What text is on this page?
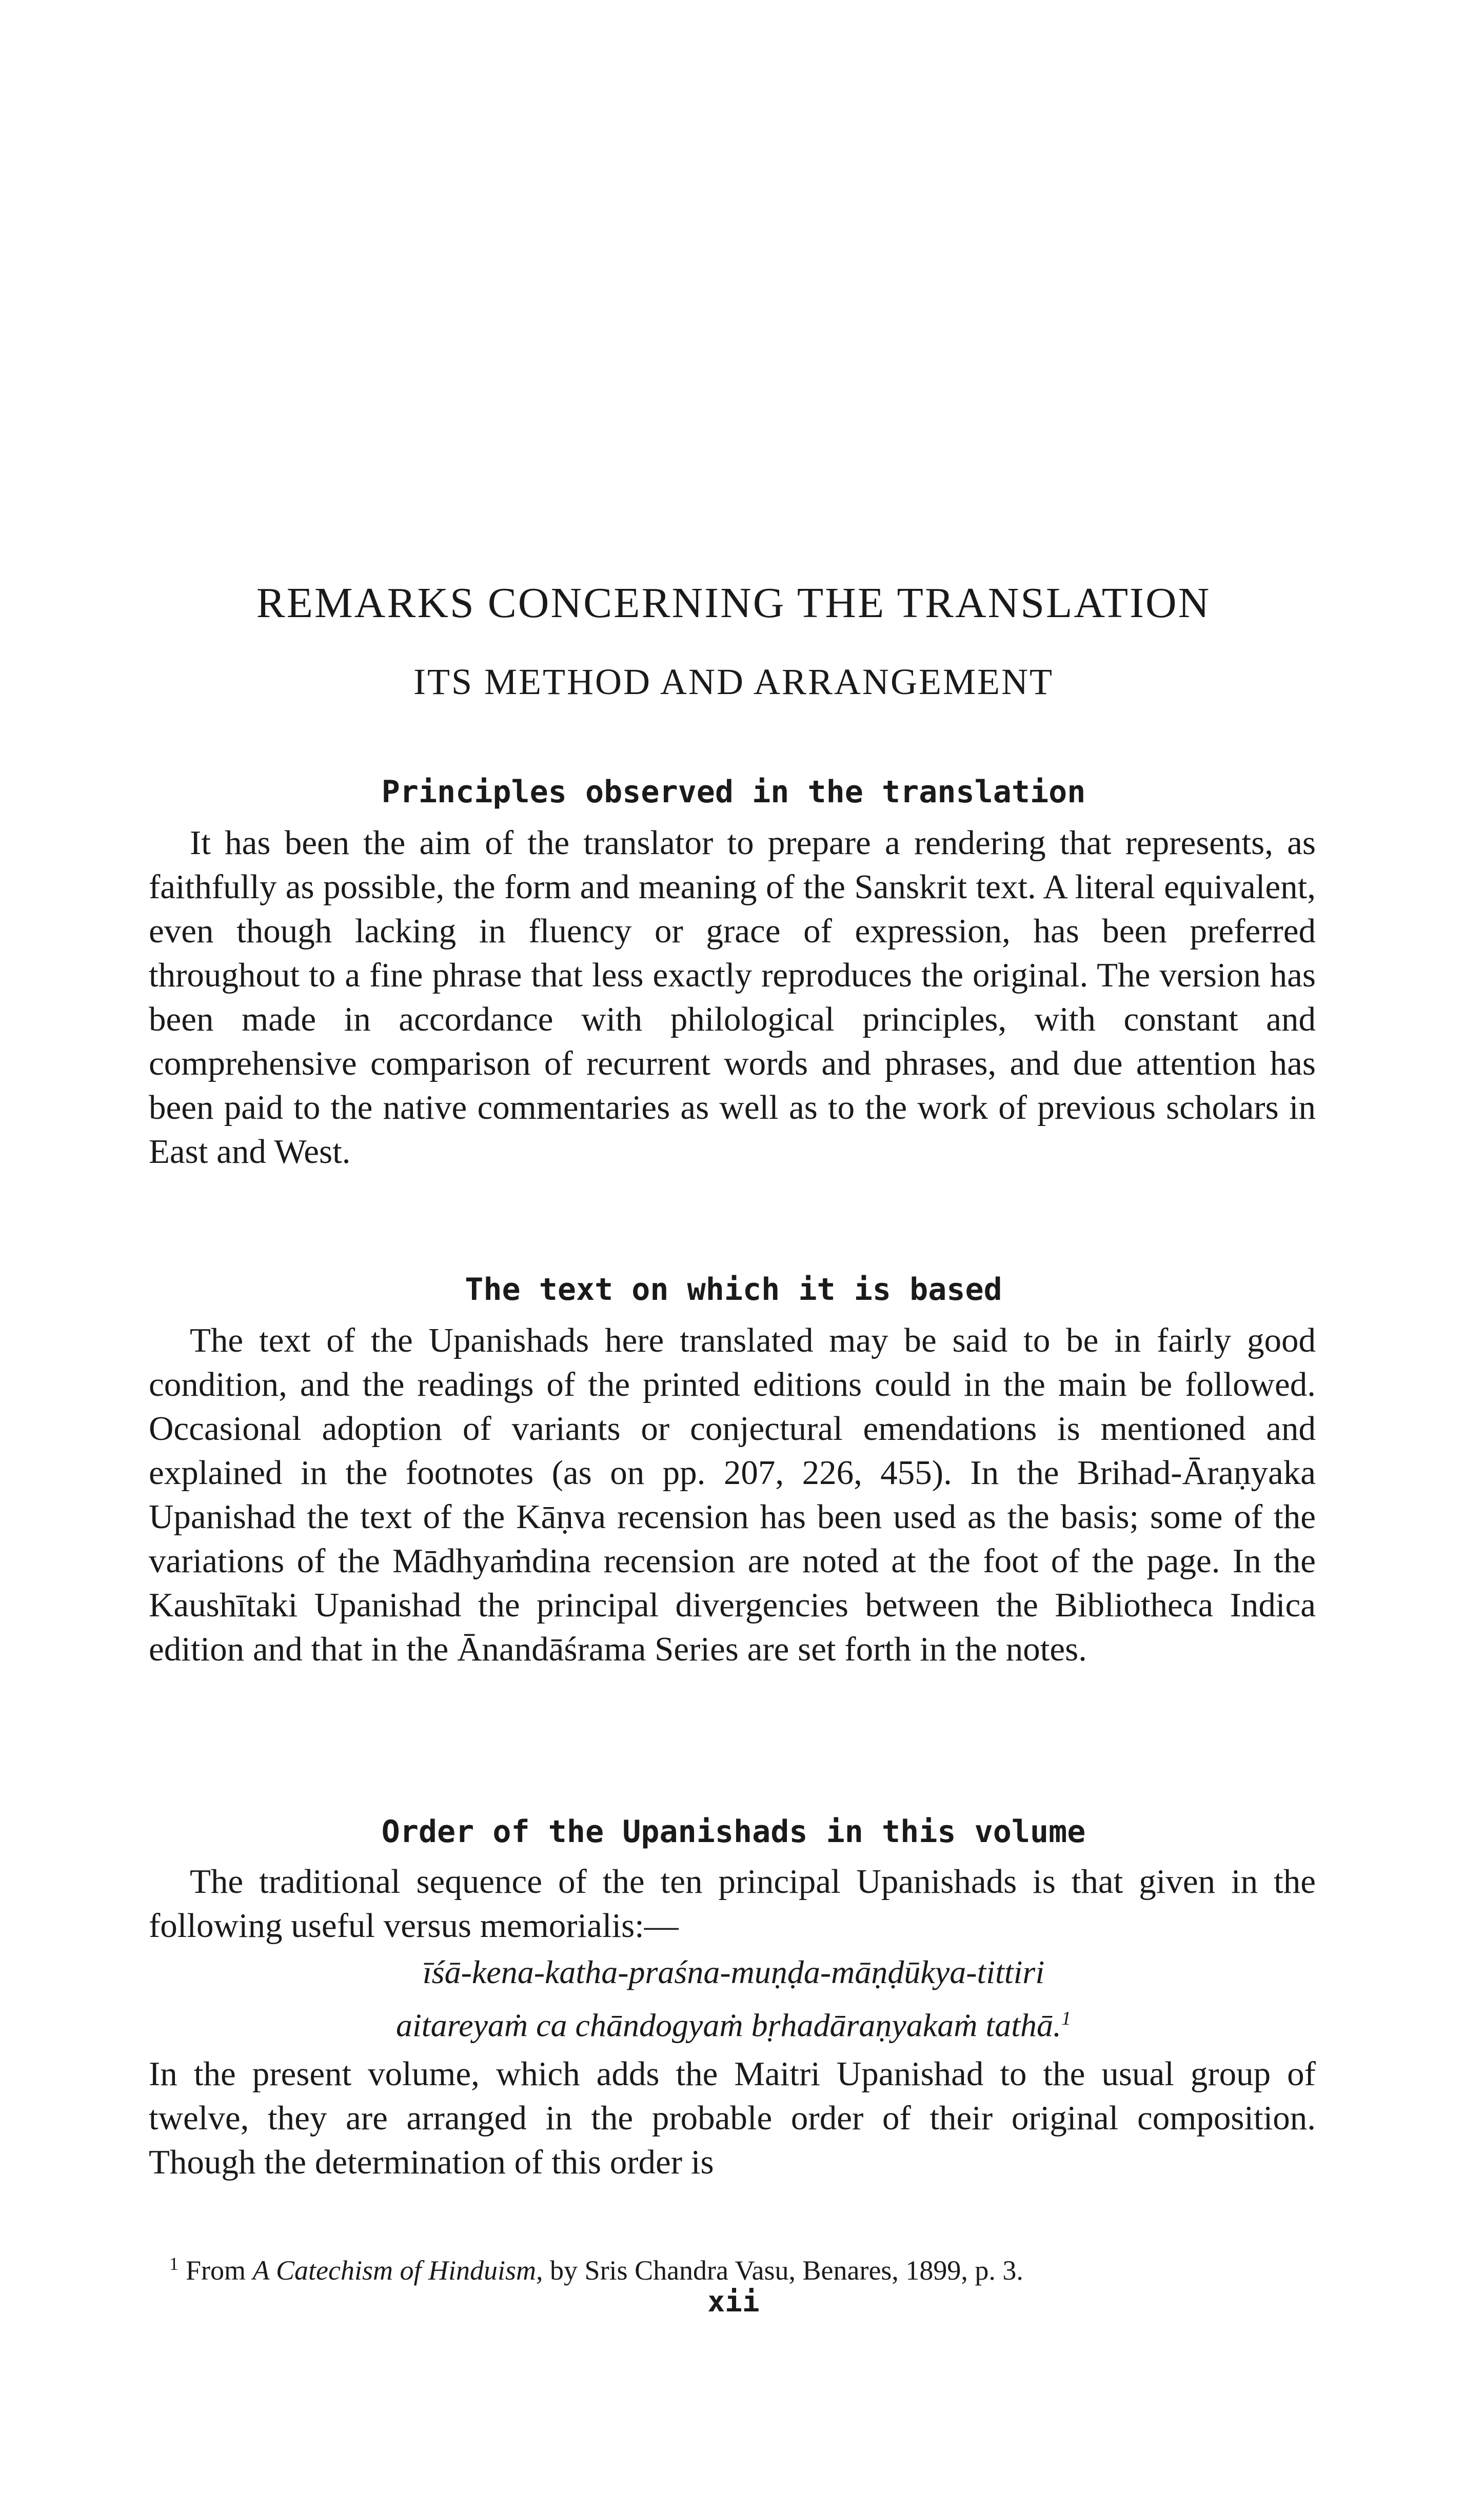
REMARKS CONCERNING THE TRANSLATION
ITS METHOD AND ARRANGEMENT
Principles observed in the translation

It has been the aim of the translator to prepare a rendering that represents, as faithfully as possible, the form and meaning of the Sanskrit text. A literal equivalent, even though lacking in fluency or grace of expression, has been preferred throughout to a fine phrase that less exactly reproduces the original. The version has been made in accordance with philological principles, with constant and comprehensive comparison of recurrent words and phrases, and due attention has been paid to the native commentaries as well as to the work of previous scholars in East and West.

The text on which it is based

The text of the Upanishads here translated may be said to be in fairly good condition, and the readings of the printed editions could in the main be followed. Occasional adoption of variants or conjectural emendations is mentioned and explained in the footnotes (as on pp. 207, 226, 455). In the Brihad-Āraṇyaka Upanishad the text of the Kāṇva recension has been used as the basis; some of the variations of the Mādhyaṁdina recension are noted at the foot of the page. In the Kaushītaki Upanishad the principal divergencies between the Bibliotheca Indica edition and that in the Ānandāśrama Series are set forth in the notes.

Order of the Upanishads in this volume

The traditional sequence of the ten principal Upanishads is that given in the following useful versus memorialis:—

īśā-kena-katha-praśna-muṇḍa-māṇḍūkya-tittiri
aitareyaṁ ca chāndogyaṁ bṛhadāraṇyakaṁ tathā.$^1$

In the present volume, which adds the Maitri Upanishad to the usual group of twelve, they are arranged in the probable order of their original composition. Though the determination of this order is

$^1$ From A Catechism of Hinduism, by Sris Chandra Vasu, Benares, 1899, p. 3.
xii
